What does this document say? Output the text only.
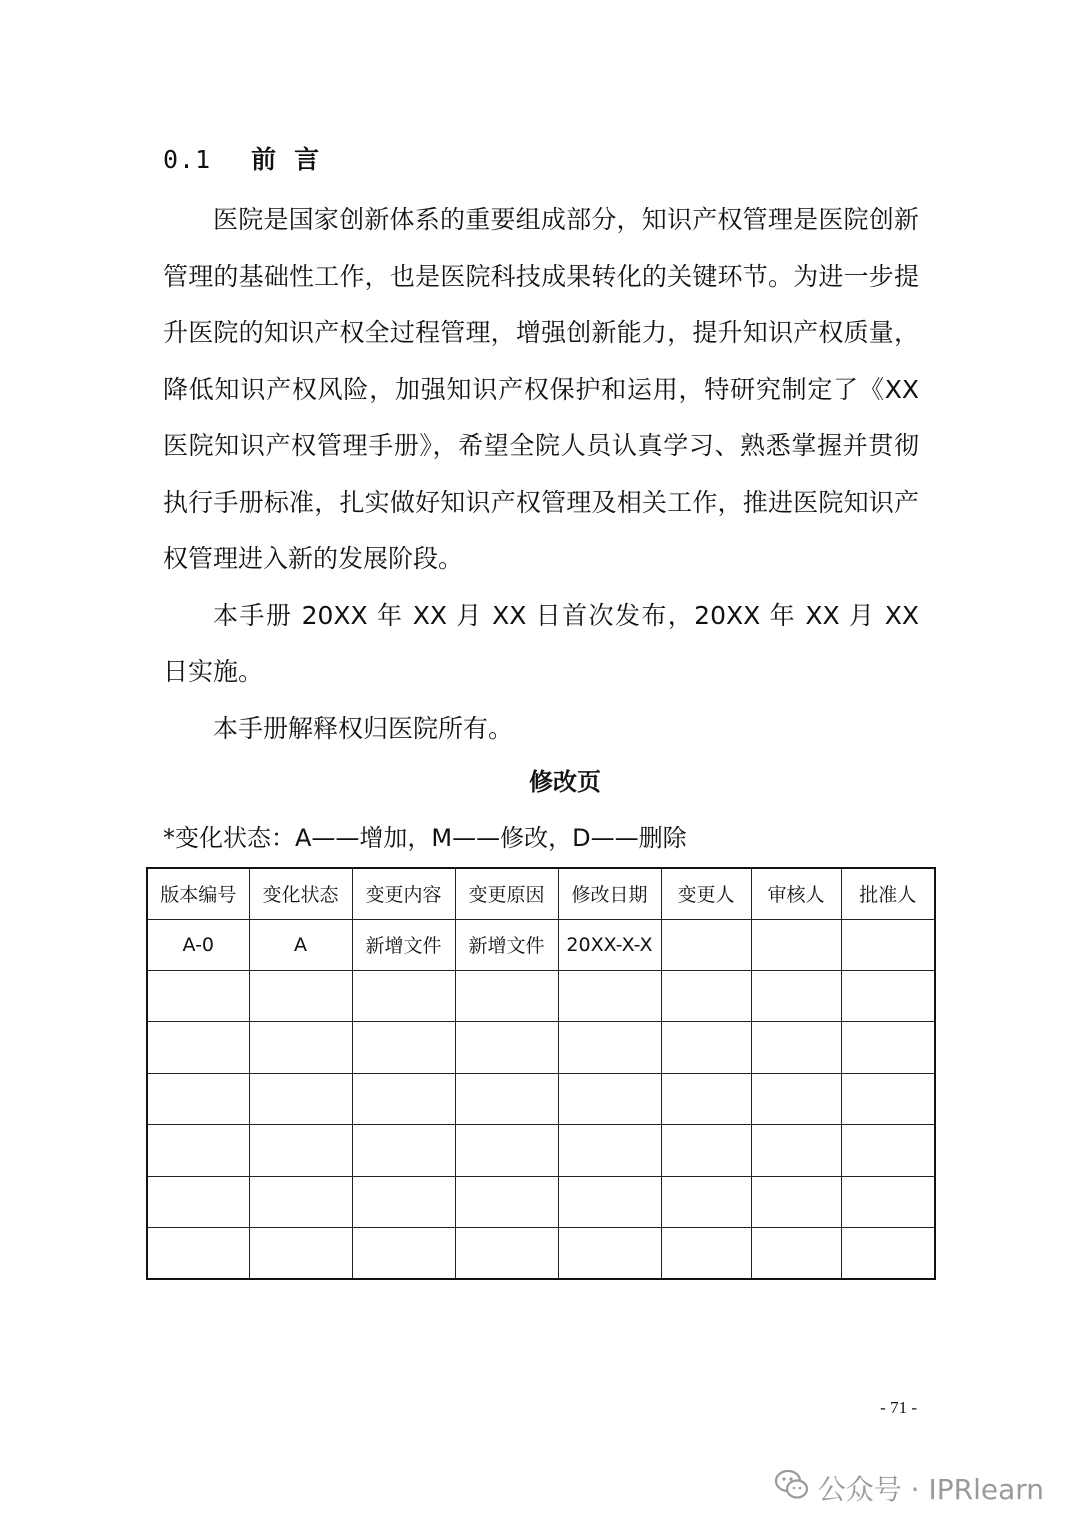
0.1 前言

医院是国家创新体系的重要组成部分，知识产权管理是医院创新管理的基础性工作，也是医院科技成果转化的关键环节。为进一步提升医院的知识产权全过程管理，增强创新能力，提升知识产权质量，降低知识产权风险，加强知识产权保护和运用，特研究制定了《XX医院知识产权管理手册》，希望全院人员认真学习、熟悉掌握并贯彻执行手册标准，扎实做好知识产权管理及相关工作，推进医院知识产权管理进入新的发展阶段。

本手册 20XX 年 XX 月 XX 日首次发布，20XX 年 XX 月 XX 日实施。

本手册解释权归医院所有。

修改页
*变化状态：A——增加，M——修改，D——删除
版本编号	变化状态	变更内容	变更原因	修改日期	变更人	审核人	批准人
A-0	A	新增文件	新增文件	20XX-X-X			

- 71 -
公众号 · IPRlearn
